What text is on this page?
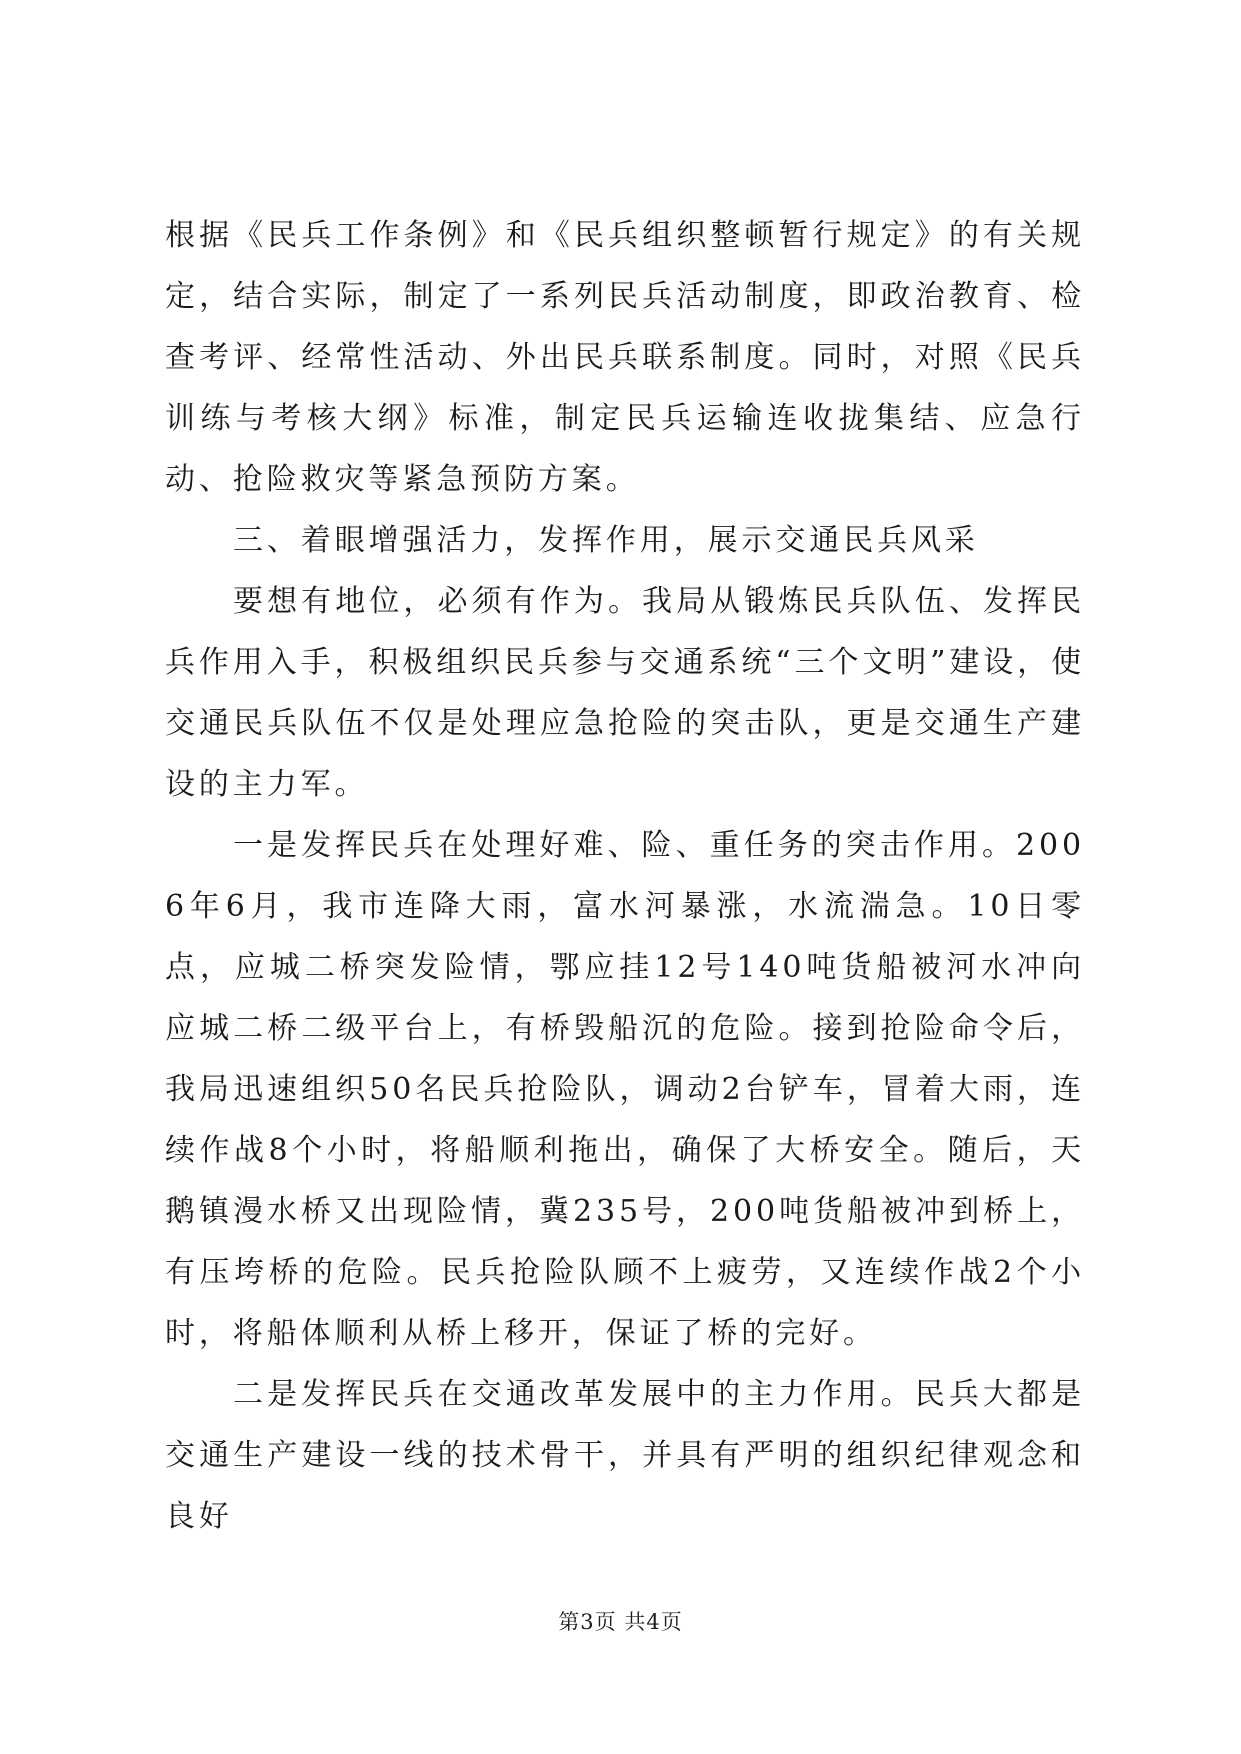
根据《民兵工作条例》和《民兵组织整顿暂行规定》的有关规定，结合实际，制定了一系列民兵活动制度，即政治教育、检查考评、经常性活动、外出民兵联系制度。同时，对照《民兵训练与考核大纲》标准，制定民兵运输连收拢集结、应急行动、抢险救灾等紧急预防方案。

三、着眼增强活力，发挥作用，展示交通民兵风采

要想有地位，必须有作为。我局从锻炼民兵队伍、发挥民兵作用入手，积极组织民兵参与交通系统“三个文明”建设，使交通民兵队伍不仅是处理应急抢险的突击队，更是交通生产建设的主力军。

一是发挥民兵在处理好难、险、重任务的突击作用。2006年6月，我市连降大雨，富水河暴涨，水流湍急。10日零点，应城二桥突发险情，鄂应挂12号140吨货船被河水冲向应城二桥二级平台上，有桥毁船沉的危险。接到抢险命令后，我局迅速组织50名民兵抢险队，调动2台铲车，冒着大雨，连续作战8个小时，将船顺利拖出，确保了大桥安全。随后，天鹅镇漫水桥又出现险情，冀235号，200吨货船被冲到桥上，有压垮桥的危险。民兵抢险队顾不上疲劳，又连续作战2个小时，将船体顺利从桥上移开，保证了桥的完好。

二是发挥民兵在交通改革发展中的主力作用。民兵大都是交通生产建设一线的技术骨干，并具有严明的组织纪律观念和良好

第3页 共4页
